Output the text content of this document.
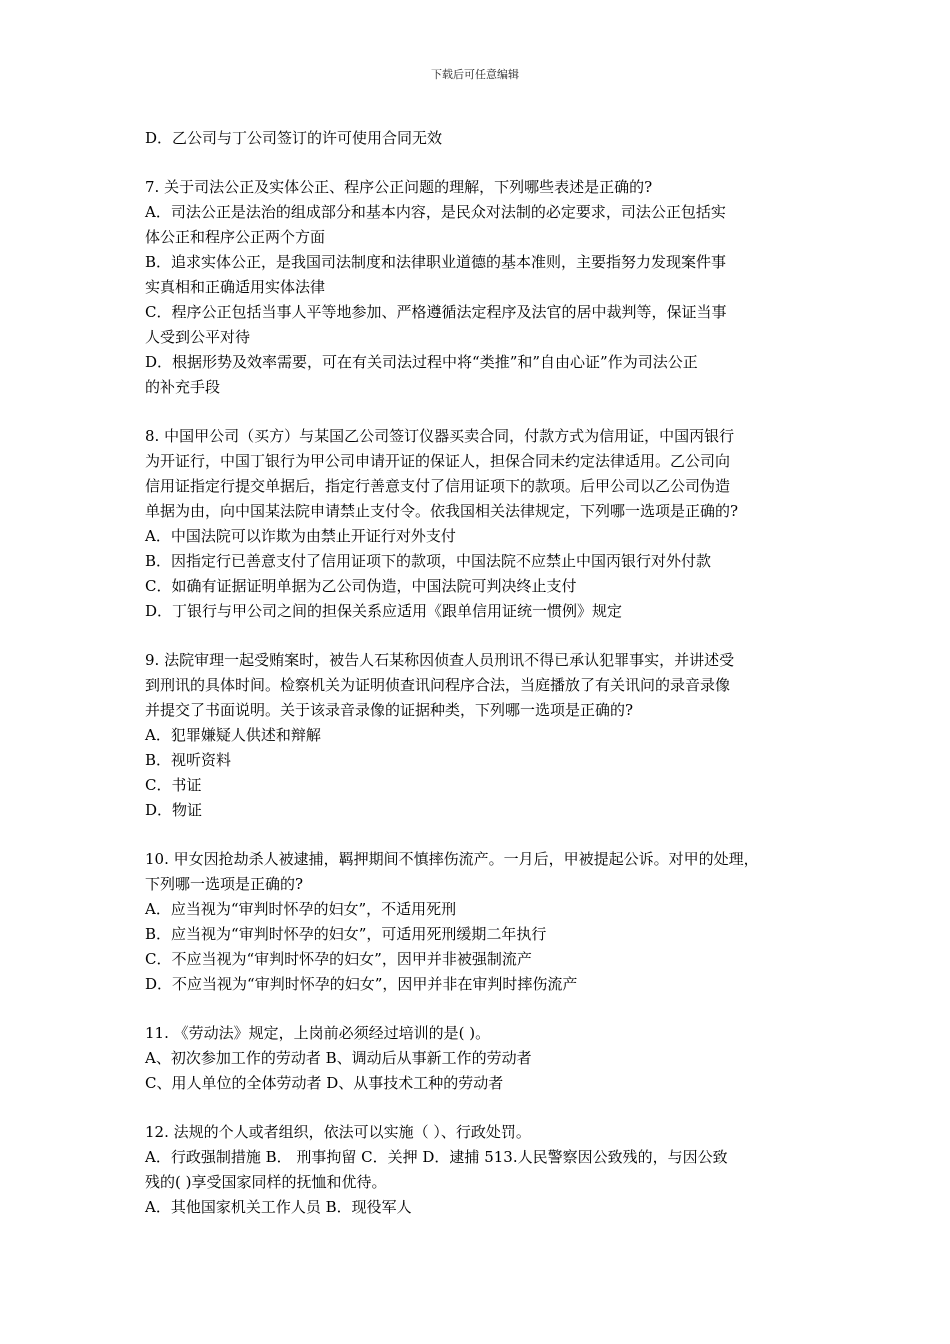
下载后可任意编辑
D．乙公司与丁公司签订的许可使用合同无效
7. 关于司法公正及实体公正、程序公正问题的理解，下列哪些表述是正确的?
A．司法公正是法治的组成部分和基本内容，是民众对法制的必定要求，司法公正包括实
体公正和程序公正两个方面
B．追求实体公正，是我国司法制度和法律职业道德的基本准则，主要指努力发现案件事
实真相和正确适用实体法律
C．程序公正包括当事人平等地参加、严格遵循法定程序及法官的居中裁判等，保证当事
人受到公平对待
D．根据形势及效率需要，可在有关司法过程中将“类推”和”自由心证”作为司法公正
的补充手段
8. 中国甲公司（买方）与某国乙公司签订仪器买卖合同，付款方式为信用证，中国丙银行
为开证行，中国丁银行为甲公司申请开证的保证人，担保合同未约定法律适用。乙公司向
信用证指定行提交单据后，指定行善意支付了信用证项下的款项。后甲公司以乙公司伪造
单据为由，向中国某法院申请禁止支付令。依我国相关法律规定，下列哪一选项是正确的?
A．中国法院可以诈欺为由禁止开证行对外支付
B．因指定行已善意支付了信用证项下的款项，中国法院不应禁止中国丙银行对外付款
C．如确有证据证明单据为乙公司伪造，中国法院可判决终止支付
D．丁银行与甲公司之间的担保关系应适用《跟单信用证统一惯例》规定
9. 法院审理一起受贿案时，被告人石某称因侦查人员刑讯不得已承认犯罪事实，并讲述受
到刑讯的具体时间。检察机关为证明侦查讯问程序合法，当庭播放了有关讯问的录音录像
并提交了书面说明。关于该录音录像的证据种类，下列哪一选项是正确的?
A．犯罪嫌疑人供述和辩解
B．视听资料
C．书证
D．物证
10. 甲女因抢劫杀人被逮捕，羁押期间不慎摔伤流产。一月后，甲被提起公诉。对甲的处理，
下列哪一选项是正确的?
A．应当视为“审判时怀孕的妇女”，不适用死刑
B．应当视为“审判时怀孕的妇女”，可适用死刑缓期二年执行
C．不应当视为“审判时怀孕的妇女”，因甲并非被强制流产
D．不应当视为“审判时怀孕的妇女”，因甲并非在审判时摔伤流产
11. 《劳动法》规定，上岗前必须经过培训的是( )。
A、初次参加工作的劳动者 B、调动后从事新工作的劳动者
C、用人单位的全体劳动者 D、从事技术工种的劳动者
12. 法规的个人或者组织，依法可以实施（ ）、行政处罚。
A．行政强制措施 B． 刑事拘留 C．关押 D．逮捕 513.人民警察因公致残的，与因公致
残的( )享受国家同样的抚恤和优待。
A．其他国家机关工作人员 B．现役军人
